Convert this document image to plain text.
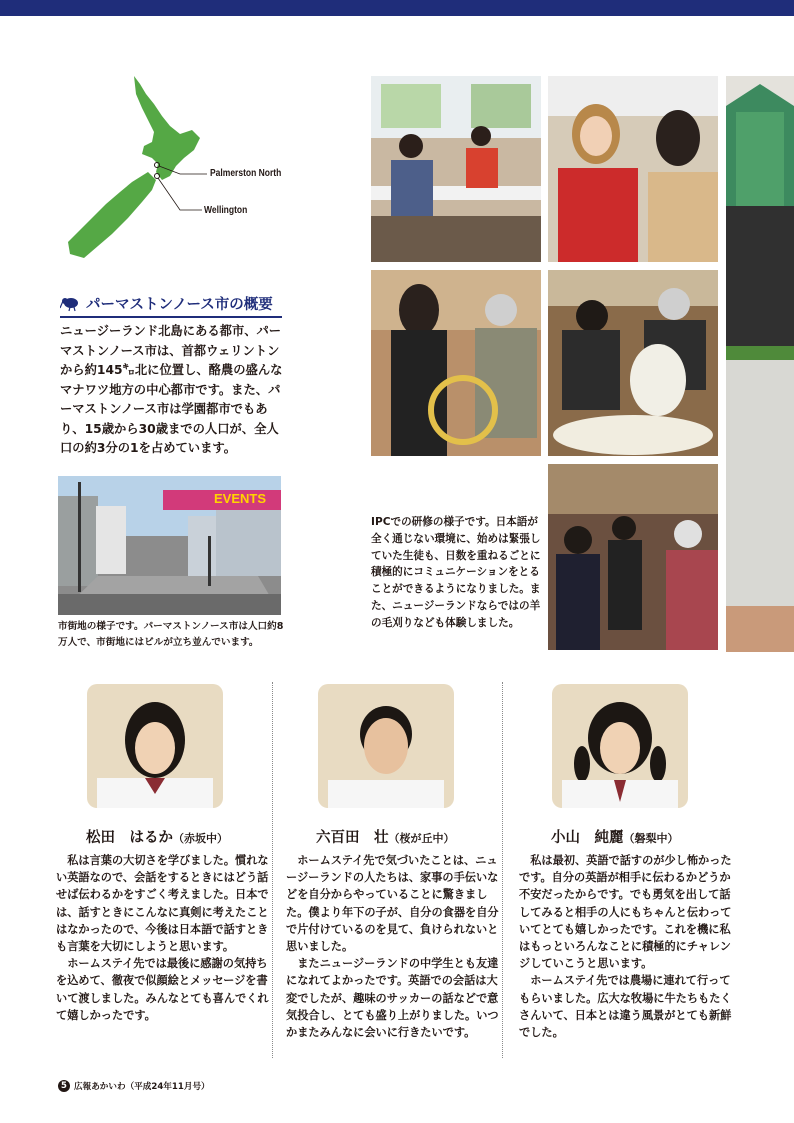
Palmerston North
Wellington
パーマストンノース市の概要
ニュージーランド北島にある都市、パーマストンノース市は、首都ウェリントンから約145㌔北に位置し、酪農の盛んなマナワツ地方の中心都市です。また、パーマストンノース市は学園都市でもあり、15歳から30歳までの人口が、全人口の約3分の1を占めています。
EVENTS
市街地の様子です。パーマストンノース市は人口約8万人で、市街地にはビルが立ち並んでいます。
IPCでの研修の様子です。日本語が全く通じない環境に、始めは緊張していた生徒も、日数を重ねるごとに積極的にコミュニケーションをとることができるようになりました。また、ニュージーランドならではの羊の毛刈りなども体験しました。
松田　はるか（赤坂中）

私は言葉の大切さを学びました。慣れない英語なので、会話をするときにはどう話せば伝わるかをすごく考えました。日本では、話すときにこんなに真剣に考えたことはなかったので、今後は日本語で話すときも言葉を大切にしようと思います。

ホームステイ先では最後に感謝の気持ちを込めて、徹夜で似顔絵とメッセージを書いて渡しました。みんなとても喜んでくれて嬉しかったです。

六百田　壮（桜が丘中）

ホームステイ先で気づいたことは、ニュージーランドの人たちは、家事の手伝いなどを自分からやっていることに驚きました。僕より年下の子が、自分の食器を自分で片付けているのを見て、負けられないと思いました。

またニュージーランドの中学生とも友達になれてよかったです。英語での会話は大変でしたが、趣味のサッカーの話などで意気投合し、とても盛り上がりました。いつかまたみんなに会いに行きたいです。

小山　純麗（磐梨中）

私は最初、英語で話すのが少し怖かったです。自分の英語が相手に伝わるかどうか不安だったからです。でも勇気を出して話してみると相手の人にもちゃんと伝わっていてとても嬉しかったです。これを機に私はもっといろんなことに積極的にチャレンジしていこうと思います。

ホームステイ先では農場に連れて行ってもらいました。広大な牧場に牛たちもたくさんいて、日本とは違う風景がとても新鮮でした。

5 広報あかいわ（平成24年11月号）
